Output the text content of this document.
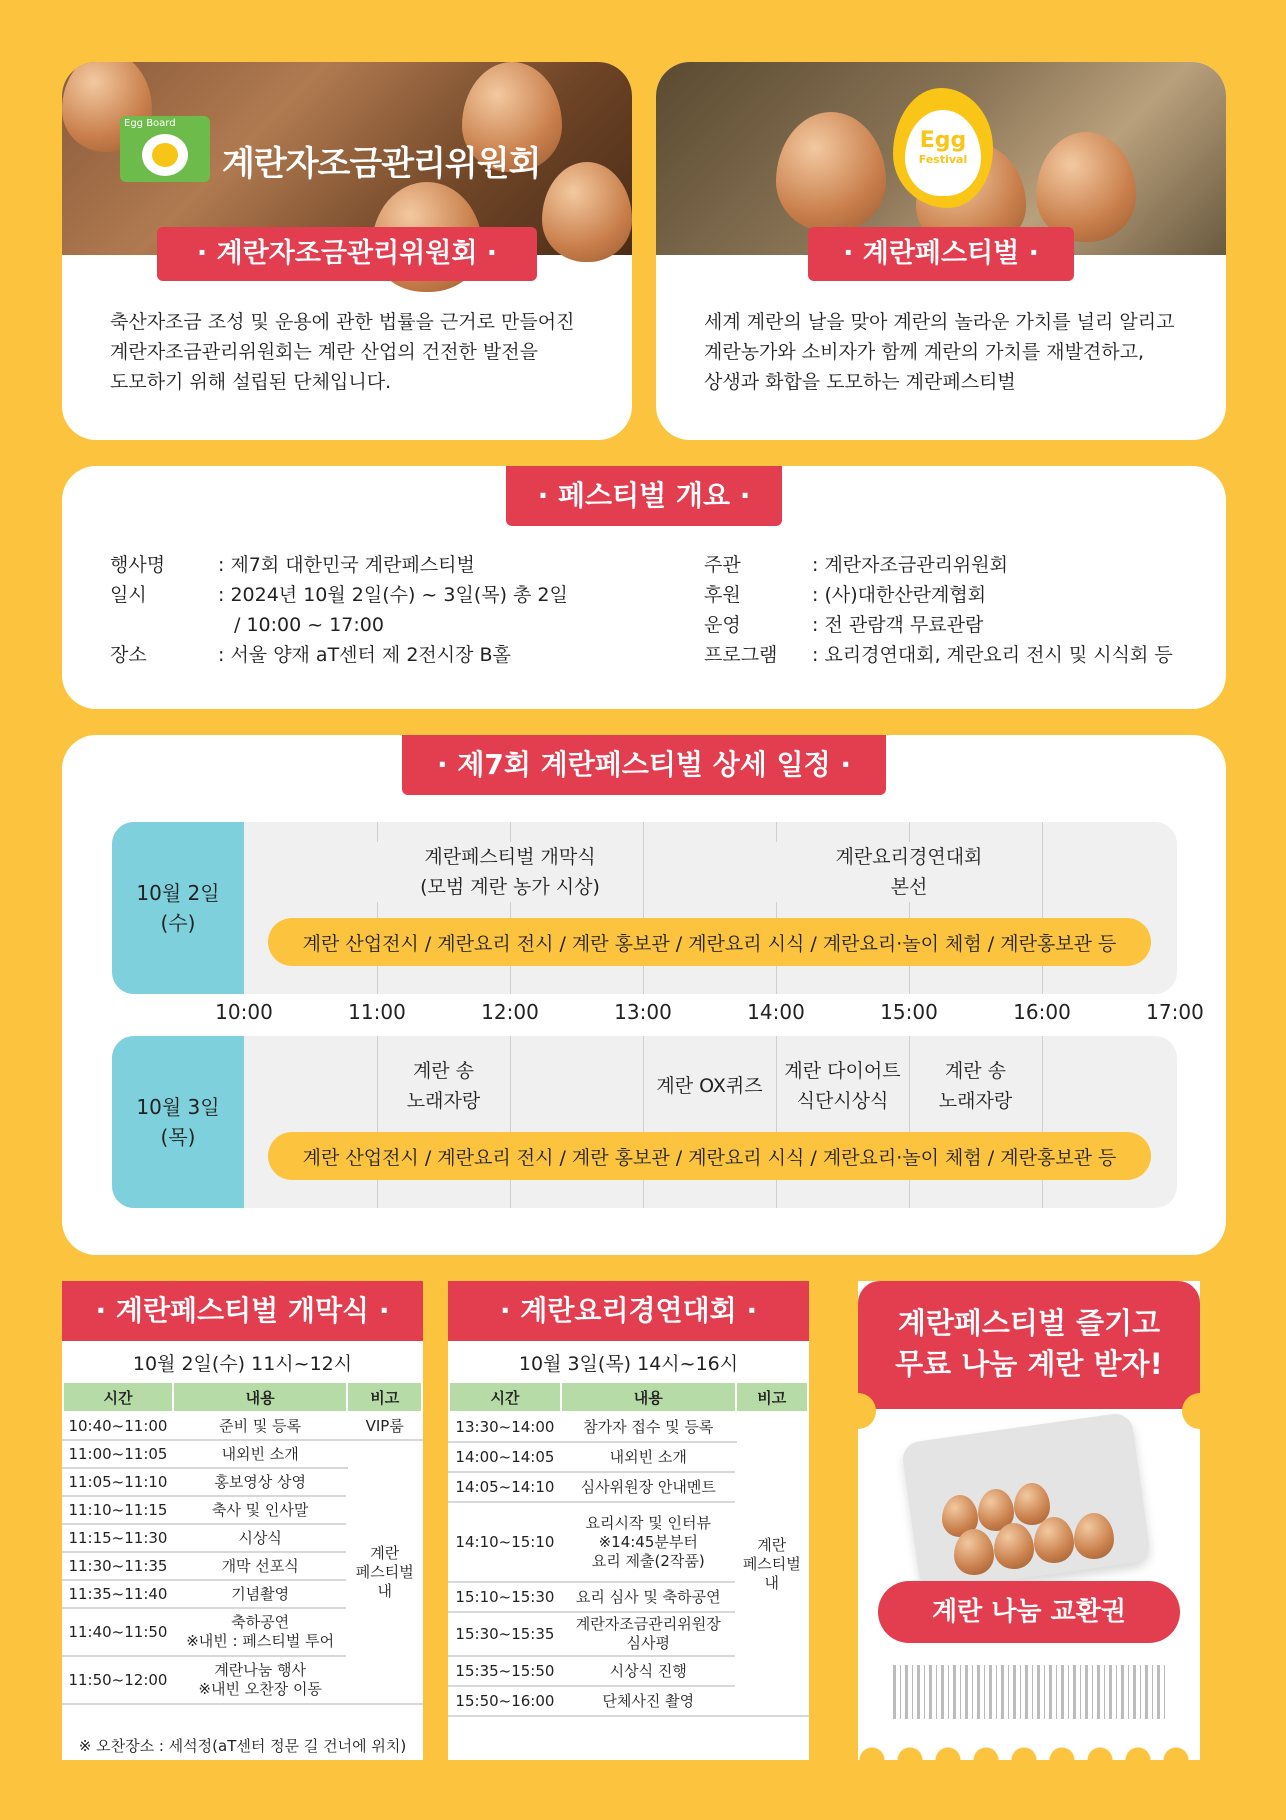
Egg Board
계란자조금관리위원회
· 계란자조금관리위원회 ·
축산자조금 조성 및 운용에 관한 법률을 근거로 만들어진
계란자조금관리위원회는 계란 산업의 건전한 발전을
도모하기 위해 설립된 단체입니다.
Egg
Festival
· 계란페스티벌 ·
세계 계란의 날을 맞아 계란의 놀라운 가치를 널리 알리고
계란농가와 소비자가 함께 계란의 가치를 재발견하고,
상생과 화합을 도모하는 계란페스티벌
· 페스티벌 개요 ·
행사명	: 제7회 대한민국 계란페스티벌
일시	: 2024년 10월 2일(수) ~ 3일(목) 총 2일
/ 10:00 ~ 17:00
장소	: 서울 양재 aT센터 제 2전시장 B홀
주관	: 계란자조금관리위원회
후원	: (사)대한산란계협회
운영	: 전 관람객 무료관람
프로그램 : 요리경연대회, 계란요리 전시 및 시식회 등
· 제7회 계란페스티벌 상세 일정 ·
10월 2일
(수)
계란페스티벌 개막식
(모범 계란 농가 시상)
계란요리경연대회
본선
계란 산업전시 / 계란요리 전시 / 계란 홍보관 / 계란요리 시식 / 계란요리·놀이 체험 / 계란홍보관 등
10:00	11:00	12:00	13:00	14:00	15:00	16:00	17:00
10월 3일
(목)
계란 송
노래자랑
계란 OX퀴즈
계란 다이어트
식단시상식
계란 송
노래자랑
계란 산업전시 / 계란요리 전시 / 계란 홍보관 / 계란요리 시식 / 계란요리·놀이 체험 / 계란홍보관 등
· 계란페스티벌 개막식 ·
10월 2일(수) 11시~12시
시간	내용	비고
10:40~11:00	준비 및 등록	VIP룸
11:00~11:05	내외빈 소개	계란
페스티벌
내
11:05~11:10	홍보영상 상영	
11:10~11:15	축사 및 인사말	
11:15~11:30	시상식	
11:30~11:35	개막 선포식	
11:35~11:40	기념촬영	
11:40~11:50	축하공연
※내빈 : 페스티벌 투어	
11:50~12:00	계란나눔 행사
※내빈 오찬장 이동	
※ 오찬장소 : 세석정(aT센터 정문 길 건너에 위치)
· 계란요리경연대회 ·
10월 3일(목) 14시~16시
시간	내용	비고
13:30~14:00	참가자 접수 및 등록	계란
페스티벌
내
14:00~14:05	내외빈 소개	
14:05~14:10	심사위원장 안내멘트	
14:10~15:10	요리시작 및 인터뷰
※14:45분부터
요리 제출(2작품)	
15:10~15:30	요리 심사 및 축하공연	
15:30~15:35	계란자조금관리위원장
심사평	
15:35~15:50	시상식 진행	
15:50~16:00	단체사진 촬영	
계란페스티벌 즐기고
무료 나눔 계란 받자!
계란 나눔 교환권
